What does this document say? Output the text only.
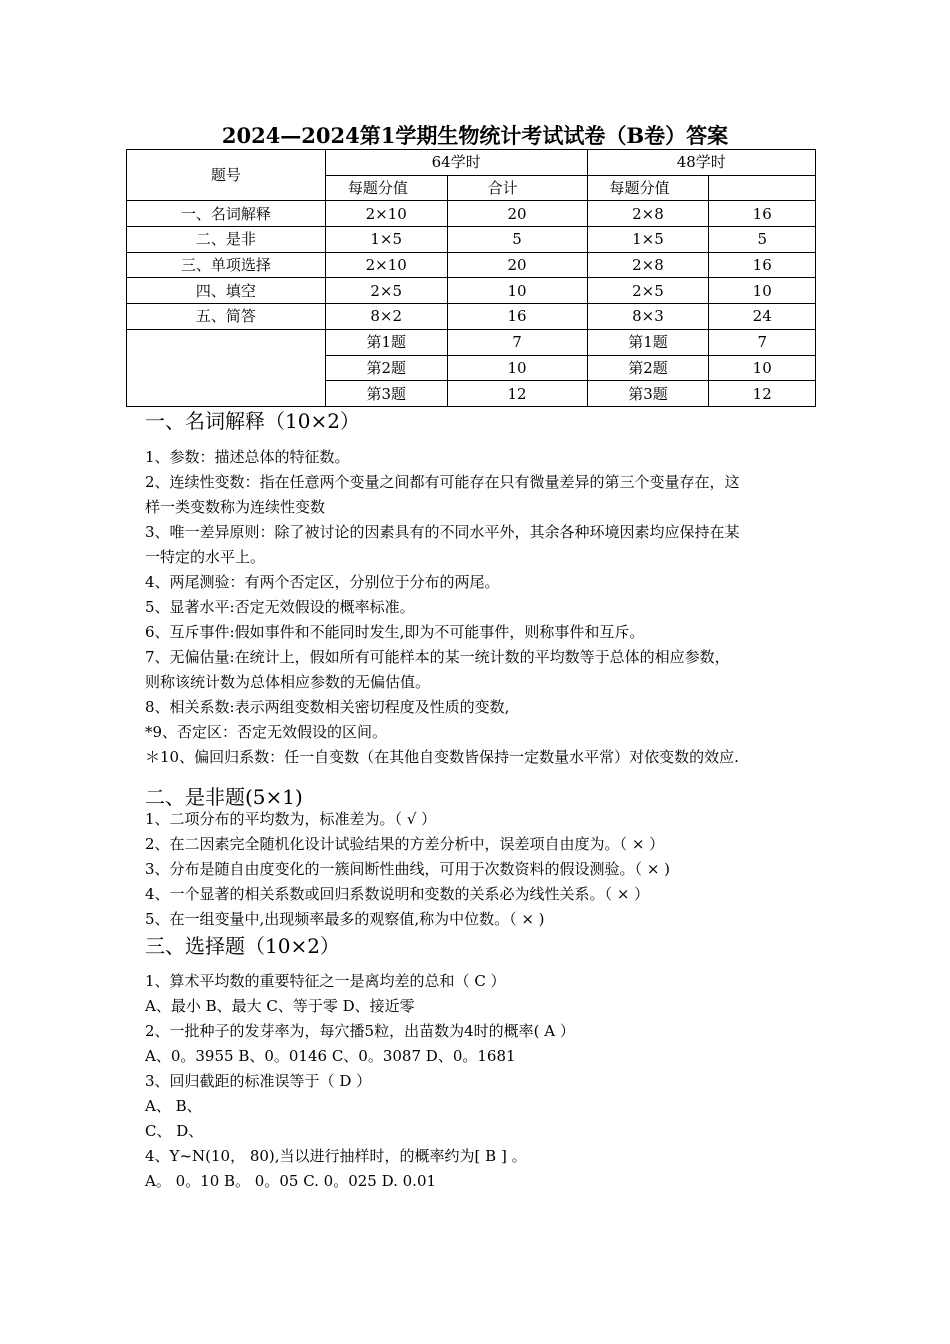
2024—2024第1学期生物统计考试试卷（B卷）答案
题号	64学时		48学时	
	每题分值	合计	每题分值	
一、名词解释	2×10	20	2×8	16
二、是非	1×5	5	1×5	5
三、单项选择	2×10	20	2×8	16
四、填空	2×5	10	2×5	10
五、简答	8×2	16	8×3	24
	第1题	7	第1题	7
	第2题	10	第2题	10
	第3题	12	第3题	12
一、名词解释（10×2）
1、参数：描述总体的特征数。
2、连续性变数：指在任意两个变量之间都有可能存在只有微量差异的第三个变量存在，这
样一类变数称为连续性变数
3、唯一差异原则：除了被讨论的因素具有的不同水平外，其余各种环境因素均应保持在某
一特定的水平上。
4、两尾测验：有两个否定区，分别位于分布的两尾。
5、显著水平:否定无效假设的概率标准。
6、互斥事件:假如事件和不能同时发生,即为不可能事件，则称事件和互斥。
7、无偏估量:在统计上，假如所有可能样本的某一统计数的平均数等于总体的相应参数，
则称该统计数为总体相应参数的无偏估值。
8、相关系数:表示两组变数相关密切程度及性质的变数,
*9、否定区：否定无效假设的区间。
＊10、偏回归系数：任一自变数（在其他自变数皆保持一定数量水平常）对依变数的效应.
二、是非题(5×1)
1、二项分布的平均数为，标准差为。（ √ ）
2、在二因素完全随机化设计试验结果的方差分析中，误差项自由度为。（ × ）
3、分布是随自由度变化的一簇间断性曲线，可用于次数资料的假设测验。（ × )
4、一个显著的相关系数或回归系数说明和变数的关系必为线性关系。（ × ）
5、在一组变量中,出现频率最多的观察值,称为中位数。（ × )
三、选择题（10×2）
1、算术平均数的重要特征之一是离均差的总和（ C ）
A、最小 B、最大 C、等于零 D、接近零
2、一批种子的发芽率为，每穴播5粒，出苗数为4时的概率( A ）
A、0。3955 B、0。0146 C、0。3087 D、0。1681
3、回归截距的标准误等于（ D ）
A、 B、
C、 D、
4、Y~N(10， 80),当以进行抽样时，的概率约为[ B ] 。
A。 0。10 B。 0。05 C. 0。025 D. 0.01
